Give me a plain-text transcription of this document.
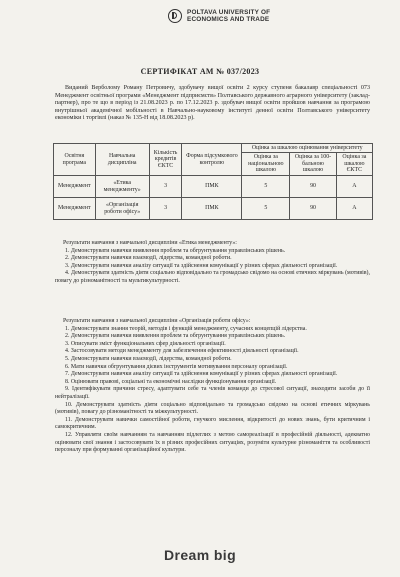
POLTAVA UNIVERSITY OF
ECONOMICS AND TRADE
СЕРТИФІКАТ АМ № 037/2023
Виданий Верболому Роману Петровичу, здобувачу вищої освіти 2 курсу ступеня бакалавр спеціальності 073 Менеджмент освітньої програми «Менеджмент підприємств» Полтавського державного аграрного університету (заклад-партнер), про те що в період із 21.08.2023 р. по 17.12.2023 р. здобувач вищої освіти пройшов навчання за програмою внутрішньої академічної мобільності в Навчально-науковому інституті денної освіти Полтавського університету економіки і торгівлі (наказ № 135-Н від 18.08.2023 р).
Освітня програма	Навчальна дисципліна	Кількість кредитів ЄКТС	Форма підсумкового контролю	Оцінка за шкалою оцінювання університету		
				Оцінка за національною шкалою	Оцінка за 100-бальною шкалою	Оцінка за шкалою ЄКТС
Менеджмент	«Етика менеджменту»	3	ПМК	5	90	А
Менеджмент	«Організація роботи офісу»	3	ПМК	5	90	А
Результати навчання з навчальної дисципліни «Етика менеджменту»:
1. Демонструвати навички виявлення проблем та обгрунтування управлінських рішень.
2. Демонструвати навички взаємодії, лідерства, командної роботи.
3. Демонструвати навички аналізу ситуації та здійснення комунікації у різних сферах діяльності організації.
4. Демонструвати здатність діяти соціально відповідально та громадсько свідомо на основі етичних міркувань (мотивів), повагу до різноманітності та мультикультурності.
Результати навчання з навчальної дисципліни «Організація роботи офісу»:
1. Демонструвати знання теорій, методів і функцій менеджменту, сучасних концепцій лідерства.
2. Демонструвати навички виявлення проблем та обгрунтування управлінських рішень.
3. Описувати зміст функціональних сфер діяльності організації.
4. Застосовувати методи менеджменту для забезпечення ефективності діяльності організації.
5. Демонструвати навички взаємодії, лідерства, командної роботи.
6. Мати навички обгрунтування дієвих інструментів мотивування персоналу організації.
7. Демонструвати навички аналізу ситуації та здійснення комунікації у різних сферах діяльності організації.
8. Оцінювати правові, соціальні та економічні наслідки функціонування організації.
9. Ідентифікувати причини стресу, адаптувати себе та членів команди до стресової ситуації, знаходити засоби до її нейтралізації.
10. Демонструвати здатність діяти соціально відповідально та громадсько свідомо на основі етичних міркувань (мотивів), повагу до різноманітності та міжкультурності.
11. Демонструвати навички самостійної роботи, гнучкого мислення, відкритості до нових знань, бути критичним і самокритичним.
12. Управляти своїм навчанням та навчанням підлеглих з метою самореалізації в професійній діяльності, адекватно оцінювати свої знання і застосовувати їх в різних професійних ситуаціях, розуміти культурне різноманіття та особливості персоналу при формуванні організаційної культури.
Dream big
